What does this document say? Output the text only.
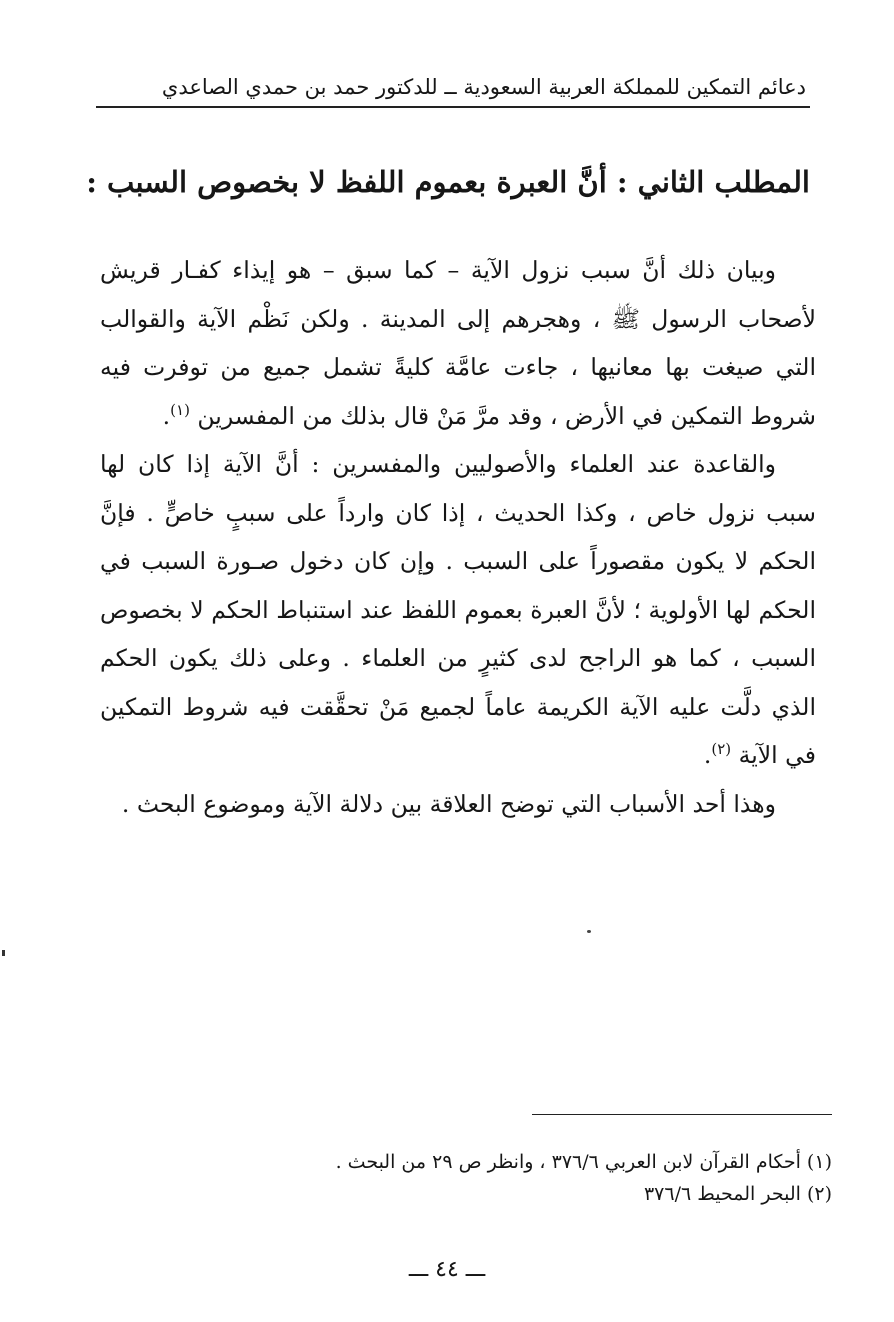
دعائم التمكين للمملكة العربية السعودية ــ للدكتور حمد بن حمدي الصاعدي
المطلب الثاني : أنَّ العبرة بعموم اللفظ لا بخصوص السبب :

وبيان ذلك أنَّ سبب نزول الآية – كما سبق – هو إيذاء كفـار قريش لأصحاب الرسول ﷺ ، وهجرهم إلى المدينة . ولكن نَظْم الآية والقوالب التي صيغت بها معانيها ، جاءت عامَّة كليةً تشمل جميع من توفرت فيه شروط التمكين في الأرض ، وقد مرَّ مَنْ قال بذلك من المفسرين $^{(١)}$.

والقاعدة عند العلماء والأصوليين والمفسرين : أنَّ الآية إذا كان لها سبب نزول خاص ، وكذا الحديث ، إذا كان وارداً على سببٍ خاصٍّ . فإنَّ الحكم لا يكون مقصوراً على السبب . وإن كان دخول صـورة السبب في الحكم لها الأولوية ؛ لأنَّ العبرة بعموم اللفظ عند استنباط الحكم لا بخصوص السبب ، كما هو الراجح لدى كثيرٍ من العلماء . وعلى ذلك يكون الحكم الذي دلَّت عليه الآية الكريمة عاماً لجميع مَنْ تحقَّقت فيه شروط التمكين في الآية $^{(٢)}$.

وهذا أحد الأسباب التي توضح العلاقة بين دلالة الآية وموضوع البحث .

(١) أحكام القرآن لابن العربي ٣٧٦/٦ ، وانظر ص ٢٩ من البحث .
(٢) البحر المحيط ٣٧٦/٦
ـــ ٤٤ ـــ
